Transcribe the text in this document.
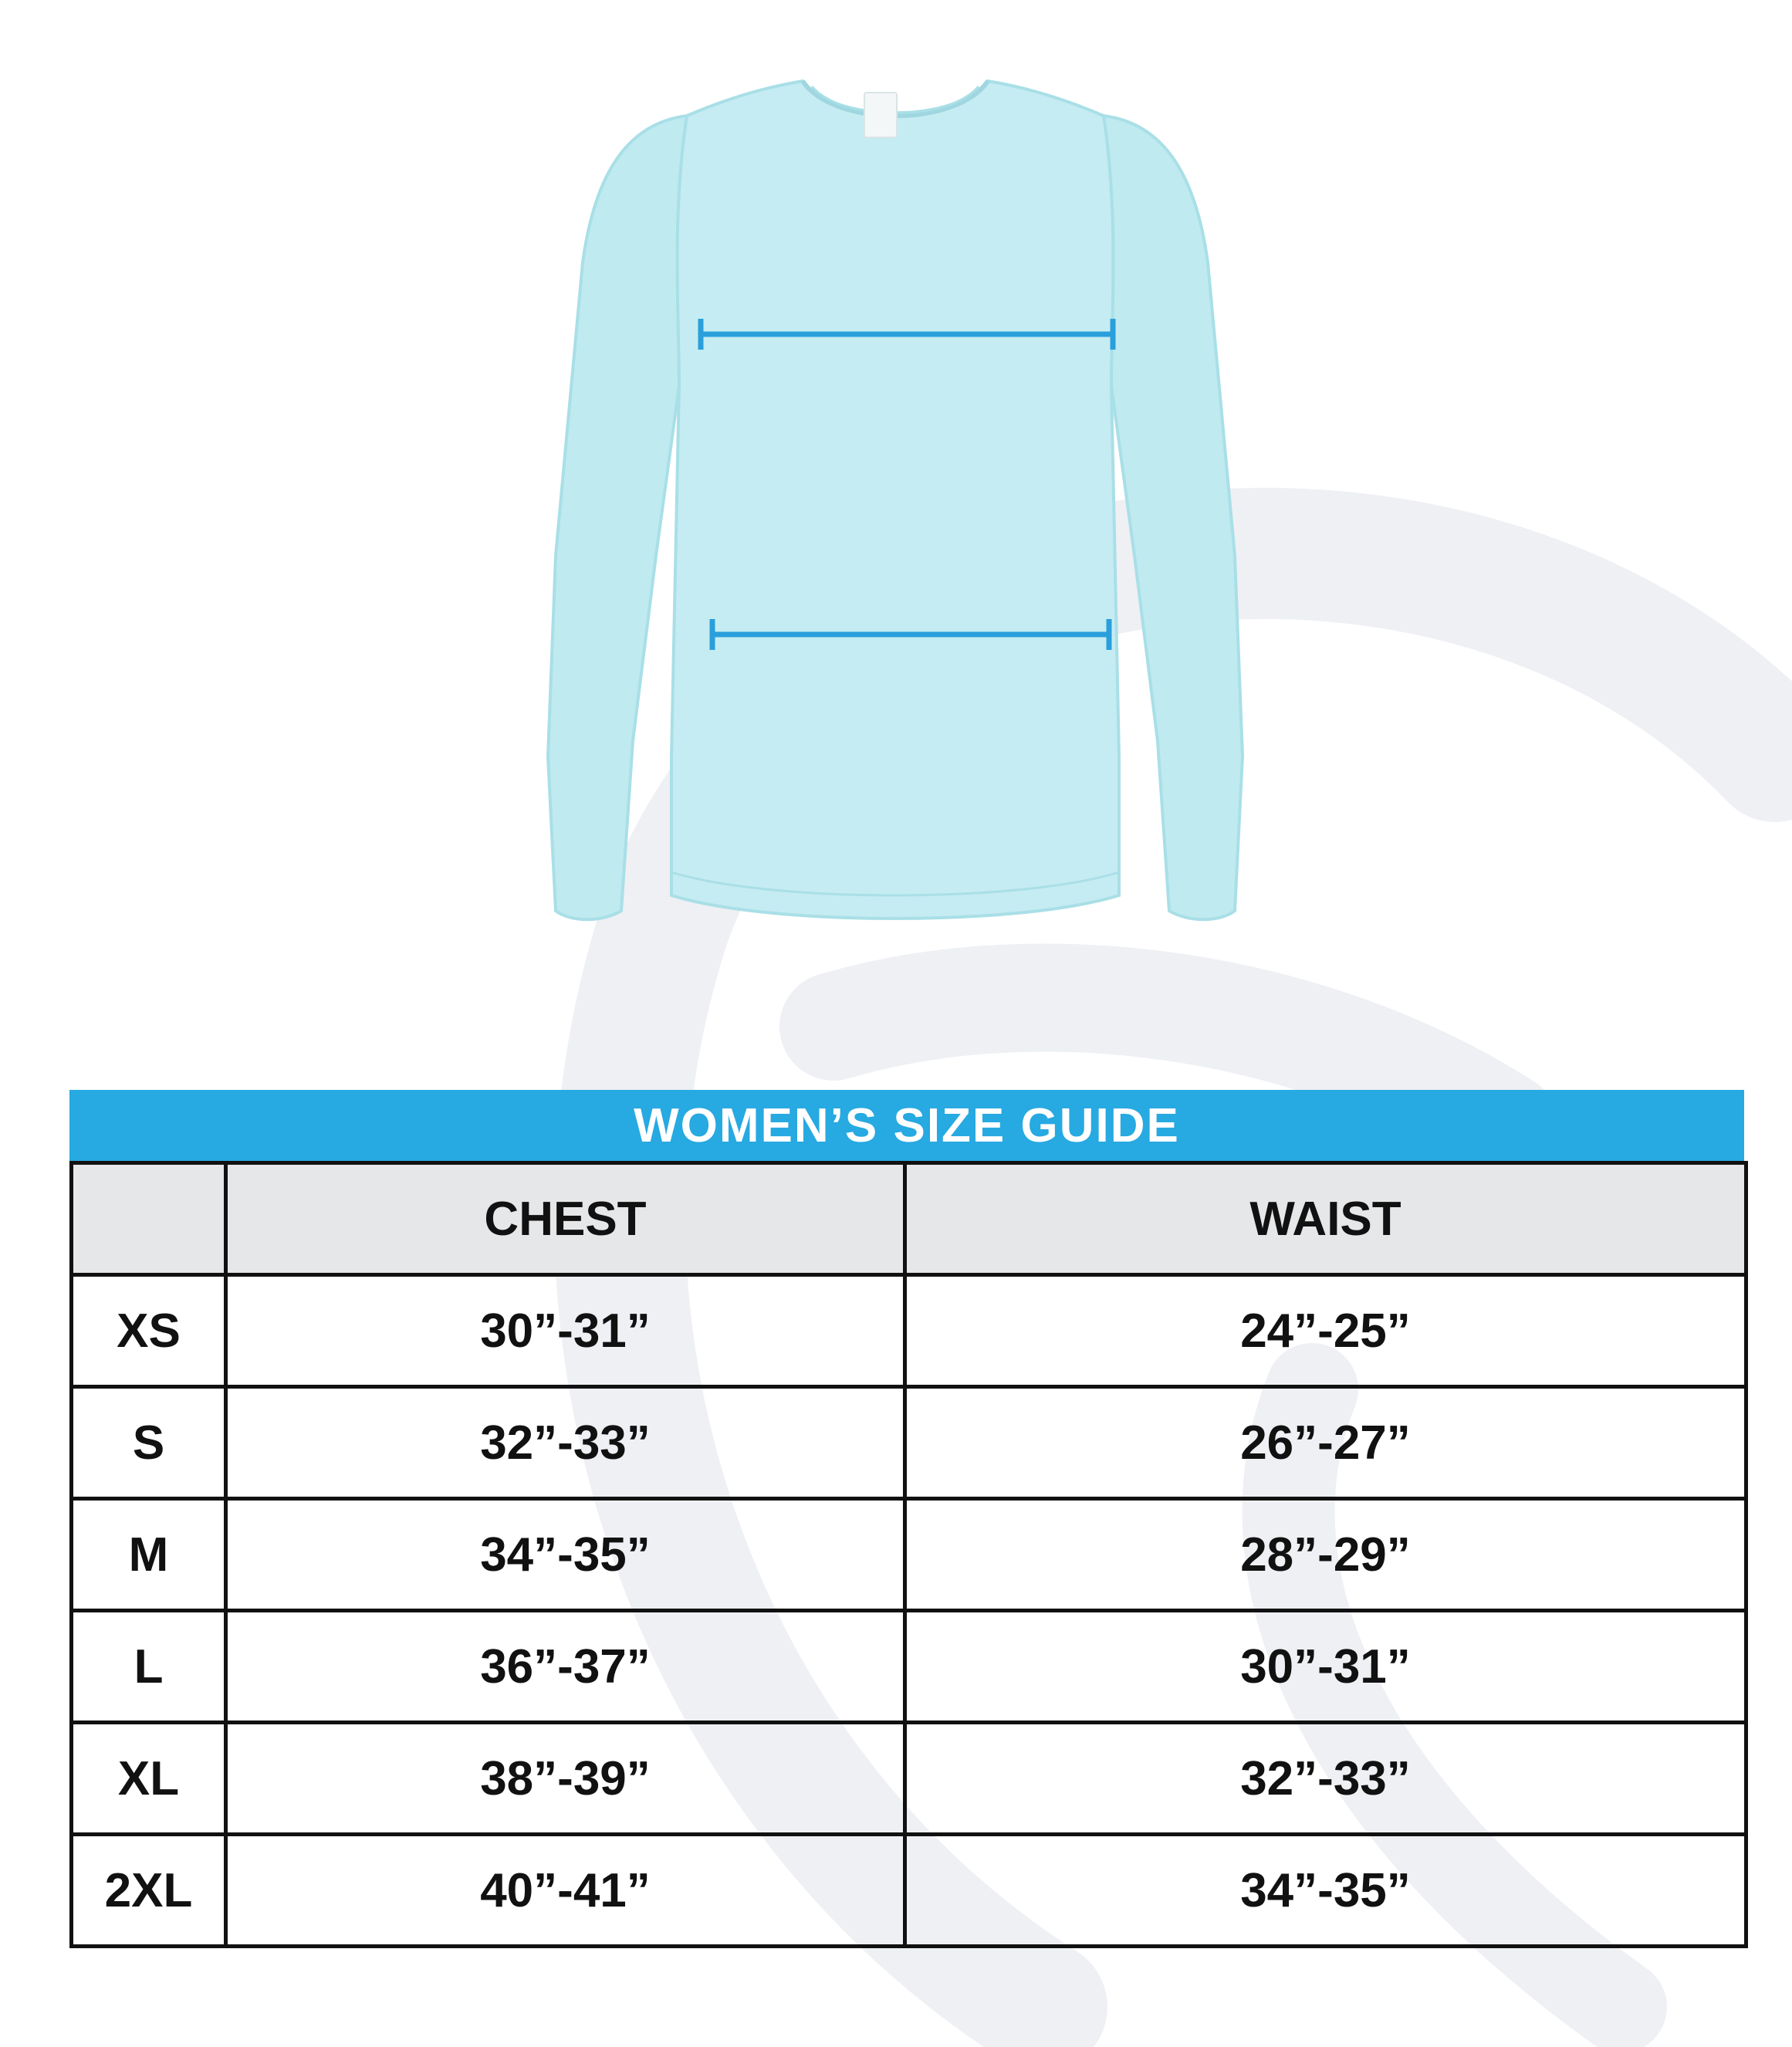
WOMEN’S SIZE GUIDE
	CHEST	WAIST
XS	30”-31”	24”-25”
S	32”-33”	26”-27”
M	34”-35”	28”-29”
L	36”-37”	30”-31”
XL	38”-39”	32”-33”
2XL	40”-41”	34”-35”
